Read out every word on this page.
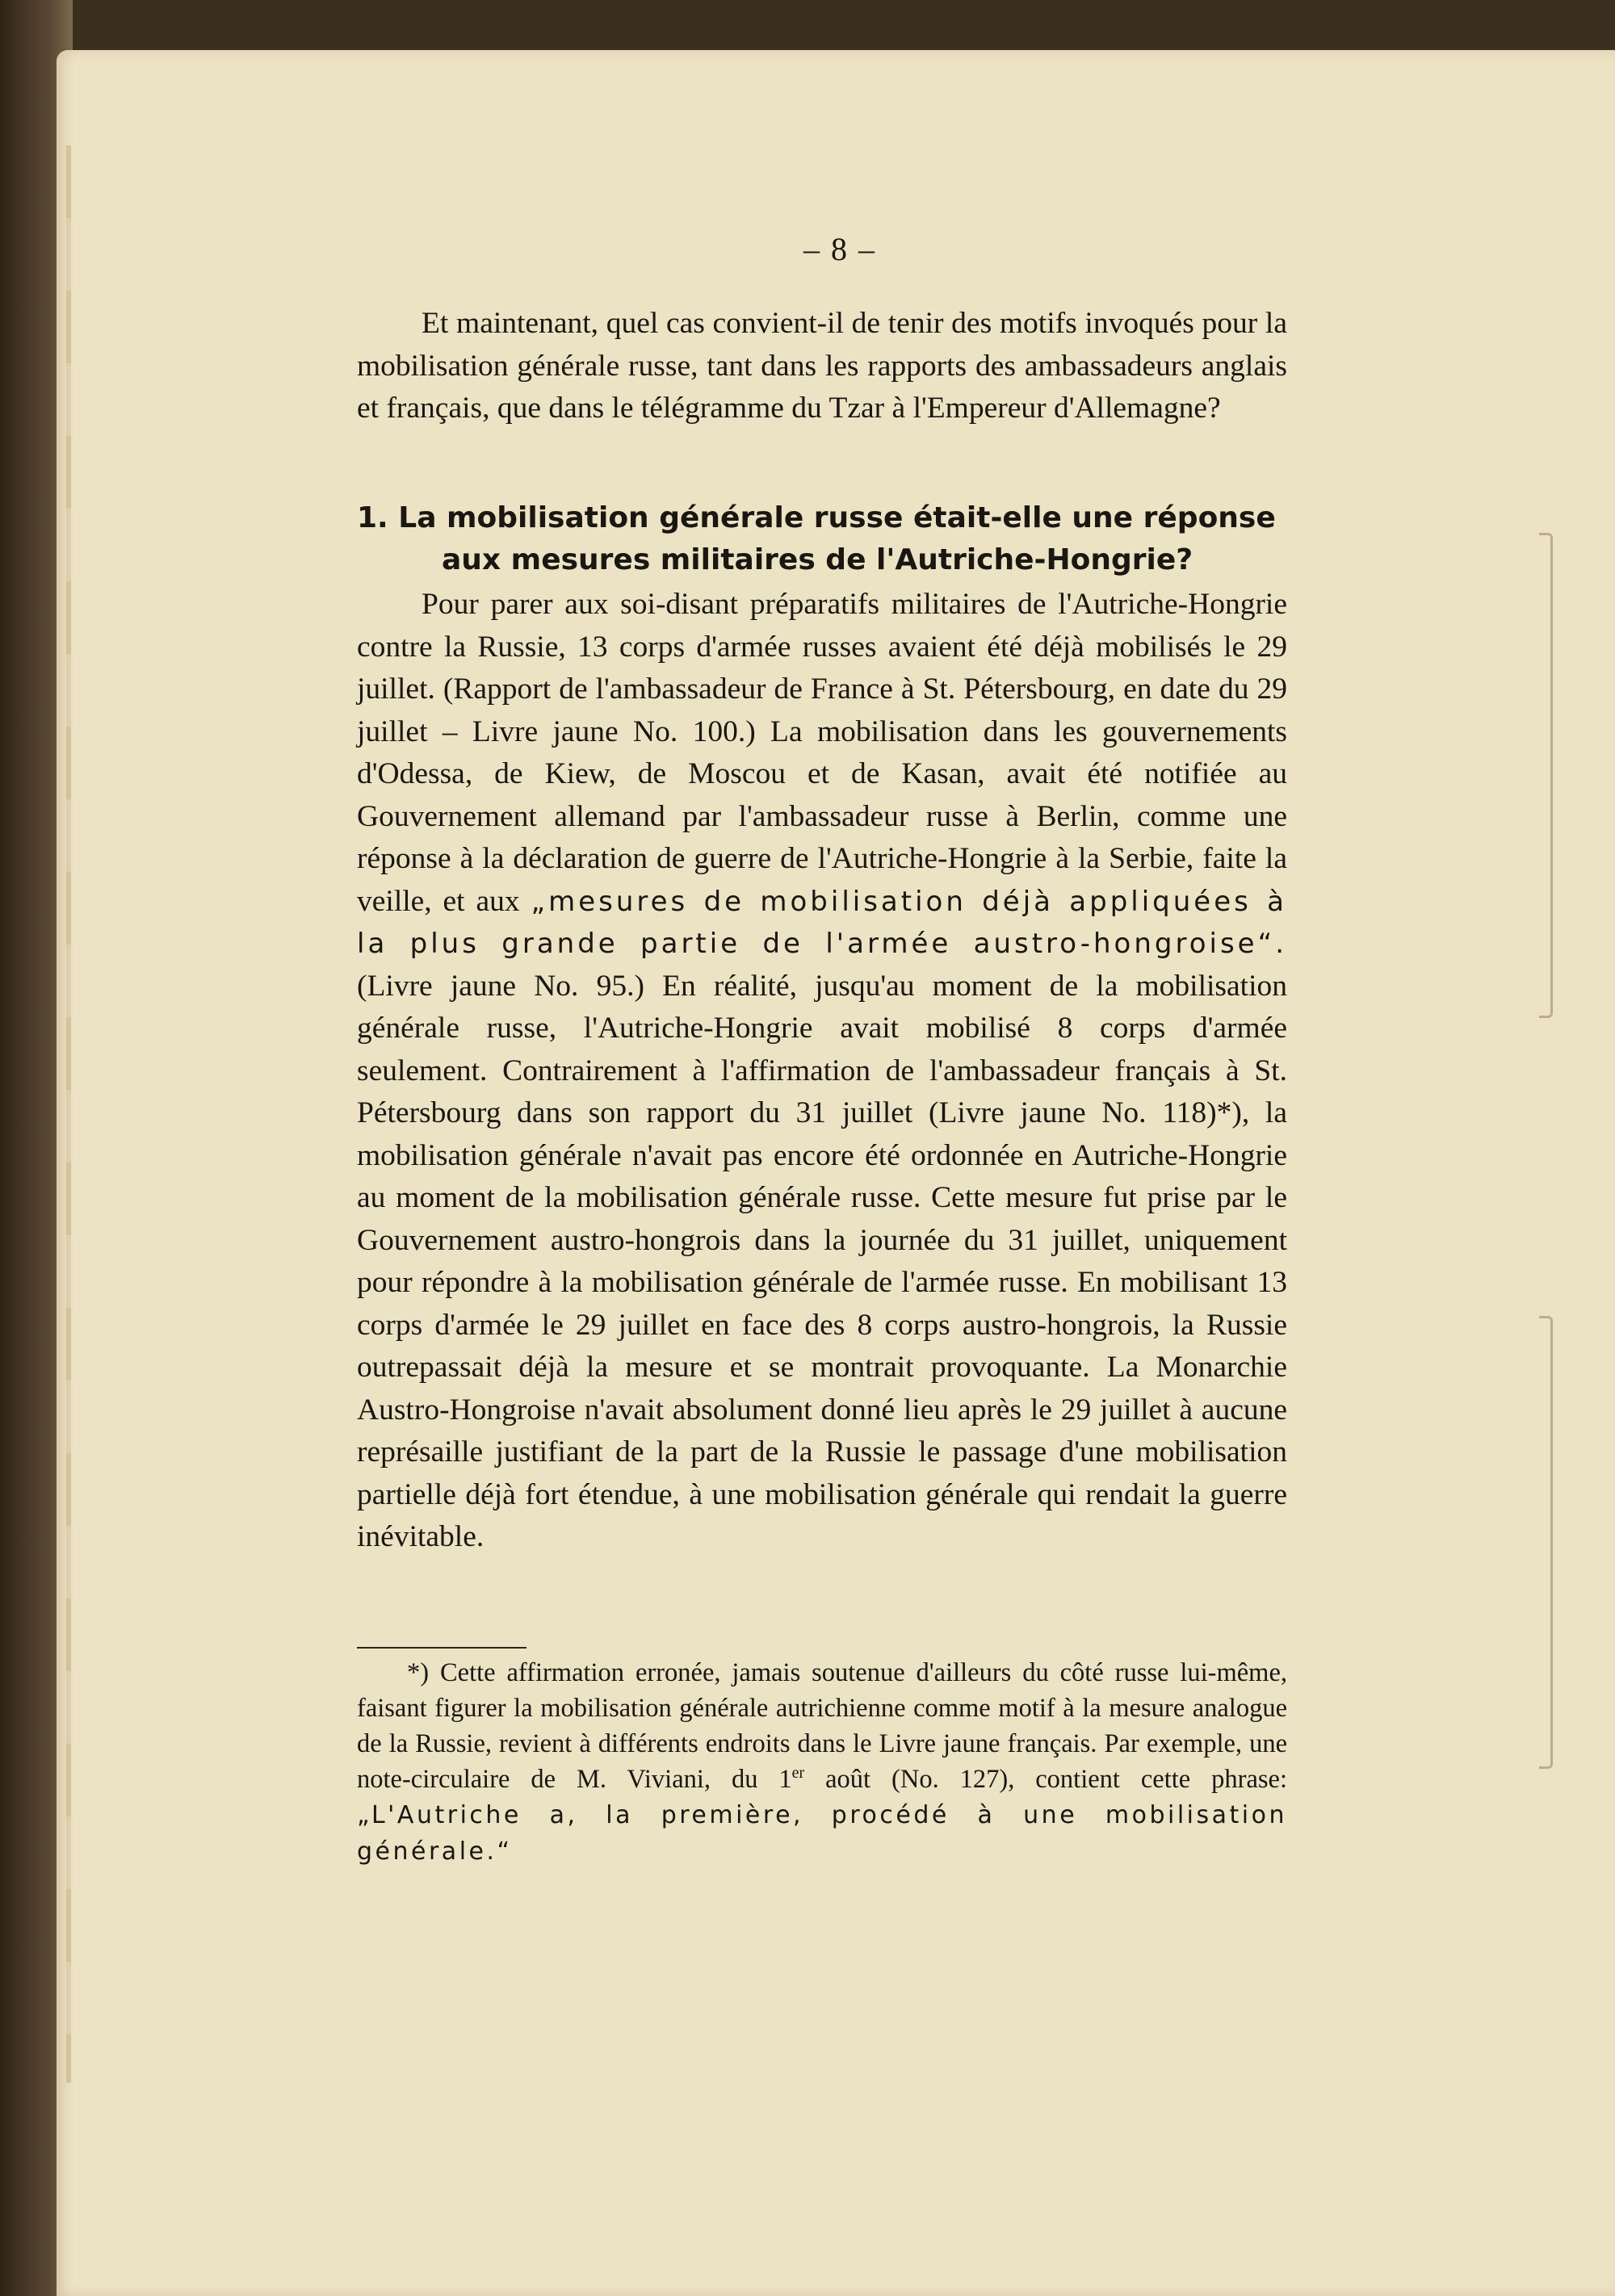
– 8 –

Et maintenant, quel cas convient-il de tenir des motifs invoqués pour la mobilisation générale russe, tant dans les rapports des ambassadeurs anglais et français, que dans le télégramme du Tzar à l'Empereur d'Allemagne?

1. La mobilisation générale russe était-elle une réponse
aux mesures militaires de l'Autriche-Hongrie?

Pour parer aux soi-disant préparatifs militaires de l'Autriche-Hongrie contre la Russie, 13 corps d'armée russes avaient été déjà mobilisés le 29 juillet. (Rapport de l'ambassadeur de France à St. Pétersbourg, en date du 29 juillet – Livre jaune No. 100.) La mobilisation dans les gouvernements d'Odessa, de Kiew, de Moscou et de Kasan, avait été notifiée au Gouvernement allemand par l'ambassadeur russe à Berlin, comme une réponse à la déclaration de guerre de l'Autriche-Hongrie à la Serbie, faite la veille, et aux „mesures de mobilisation déjà appliquées à la plus grande partie de l'armée austro-hongroise“. (Livre jaune No. 95.) En réalité, jusqu'au moment de la mobilisation générale russe, l'Autriche-Hongrie avait mobilisé 8 corps d'armée seulement. Contrairement à l'affirmation de l'ambassadeur français à St. Pétersbourg dans son rapport du 31 juillet (Livre jaune No. 118)*), la mobilisation générale n'avait pas encore été ordonnée en Autriche-Hongrie au moment de la mobilisation générale russe. Cette mesure fut prise par le Gouvernement austro-hongrois dans la journée du 31 juillet, uniquement pour répondre à la mobilisation générale de l'armée russe. En mobilisant 13 corps d'armée le 29 juillet en face des 8 corps austro-hongrois, la Russie outrepassait déjà la mesure et se montrait provoquante. La Monarchie Austro-Hongroise n'avait absolument donné lieu après le 29 juillet à aucune représaille justifiant de la part de la Russie le passage d'une mobilisation partielle déjà fort étendue, à une mobilisation générale qui rendait la guerre inévitable.

*) Cette affirmation erronée, jamais soutenue d'ailleurs du côté russe lui-même, faisant figurer la mobilisation générale autrichienne comme motif à la mesure analogue de la Russie, revient à différents endroits dans le Livre jaune français. Par exemple, une note-circulaire de M. Viviani, du 1er août (No. 127), contient cette phrase: „L'Autriche a, la première, procédé à une mobilisation générale.“
